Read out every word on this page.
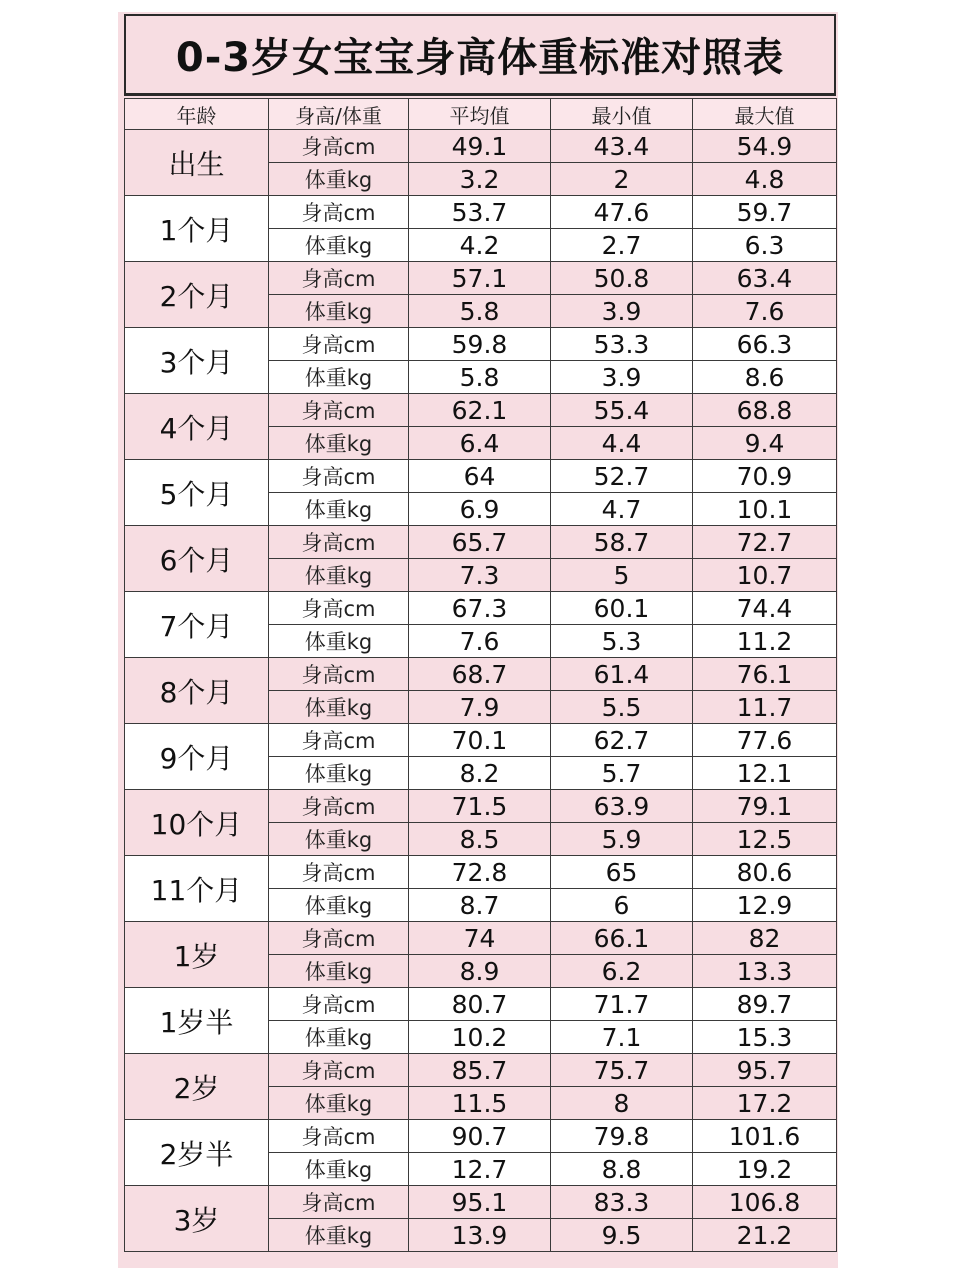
0-3岁女宝宝身高体重标准对照表
年龄	身高/体重	平均值	最小值	最大值
出生	身高cm	49.1	43.4	54.9
	体重kg	3.2	2	4.8
1个月	身高cm	53.7	47.6	59.7
	体重kg	4.2	2.7	6.3
2个月	身高cm	57.1	50.8	63.4
	体重kg	5.8	3.9	7.6
3个月	身高cm	59.8	53.3	66.3
	体重kg	5.8	3.9	8.6
4个月	身高cm	62.1	55.4	68.8
	体重kg	6.4	4.4	9.4
5个月	身高cm	64	52.7	70.9
	体重kg	6.9	4.7	10.1
6个月	身高cm	65.7	58.7	72.7
	体重kg	7.3	5	10.7
7个月	身高cm	67.3	60.1	74.4
	体重kg	7.6	5.3	11.2
8个月	身高cm	68.7	61.4	76.1
	体重kg	7.9	5.5	11.7
9个月	身高cm	70.1	62.7	77.6
	体重kg	8.2	5.7	12.1
10个月	身高cm	71.5	63.9	79.1
	体重kg	8.5	5.9	12.5
11个月	身高cm	72.8	65	80.6
	体重kg	8.7	6	12.9
1岁	身高cm	74	66.1	82
	体重kg	8.9	6.2	13.3
1岁半	身高cm	80.7	71.7	89.7
	体重kg	10.2	7.1	15.3
2岁	身高cm	85.7	75.7	95.7
	体重kg	11.5	8	17.2
2岁半	身高cm	90.7	79.8	101.6
	体重kg	12.7	8.8	19.2
3岁	身高cm	95.1	83.3	106.8
	体重kg	13.9	9.5	21.2
